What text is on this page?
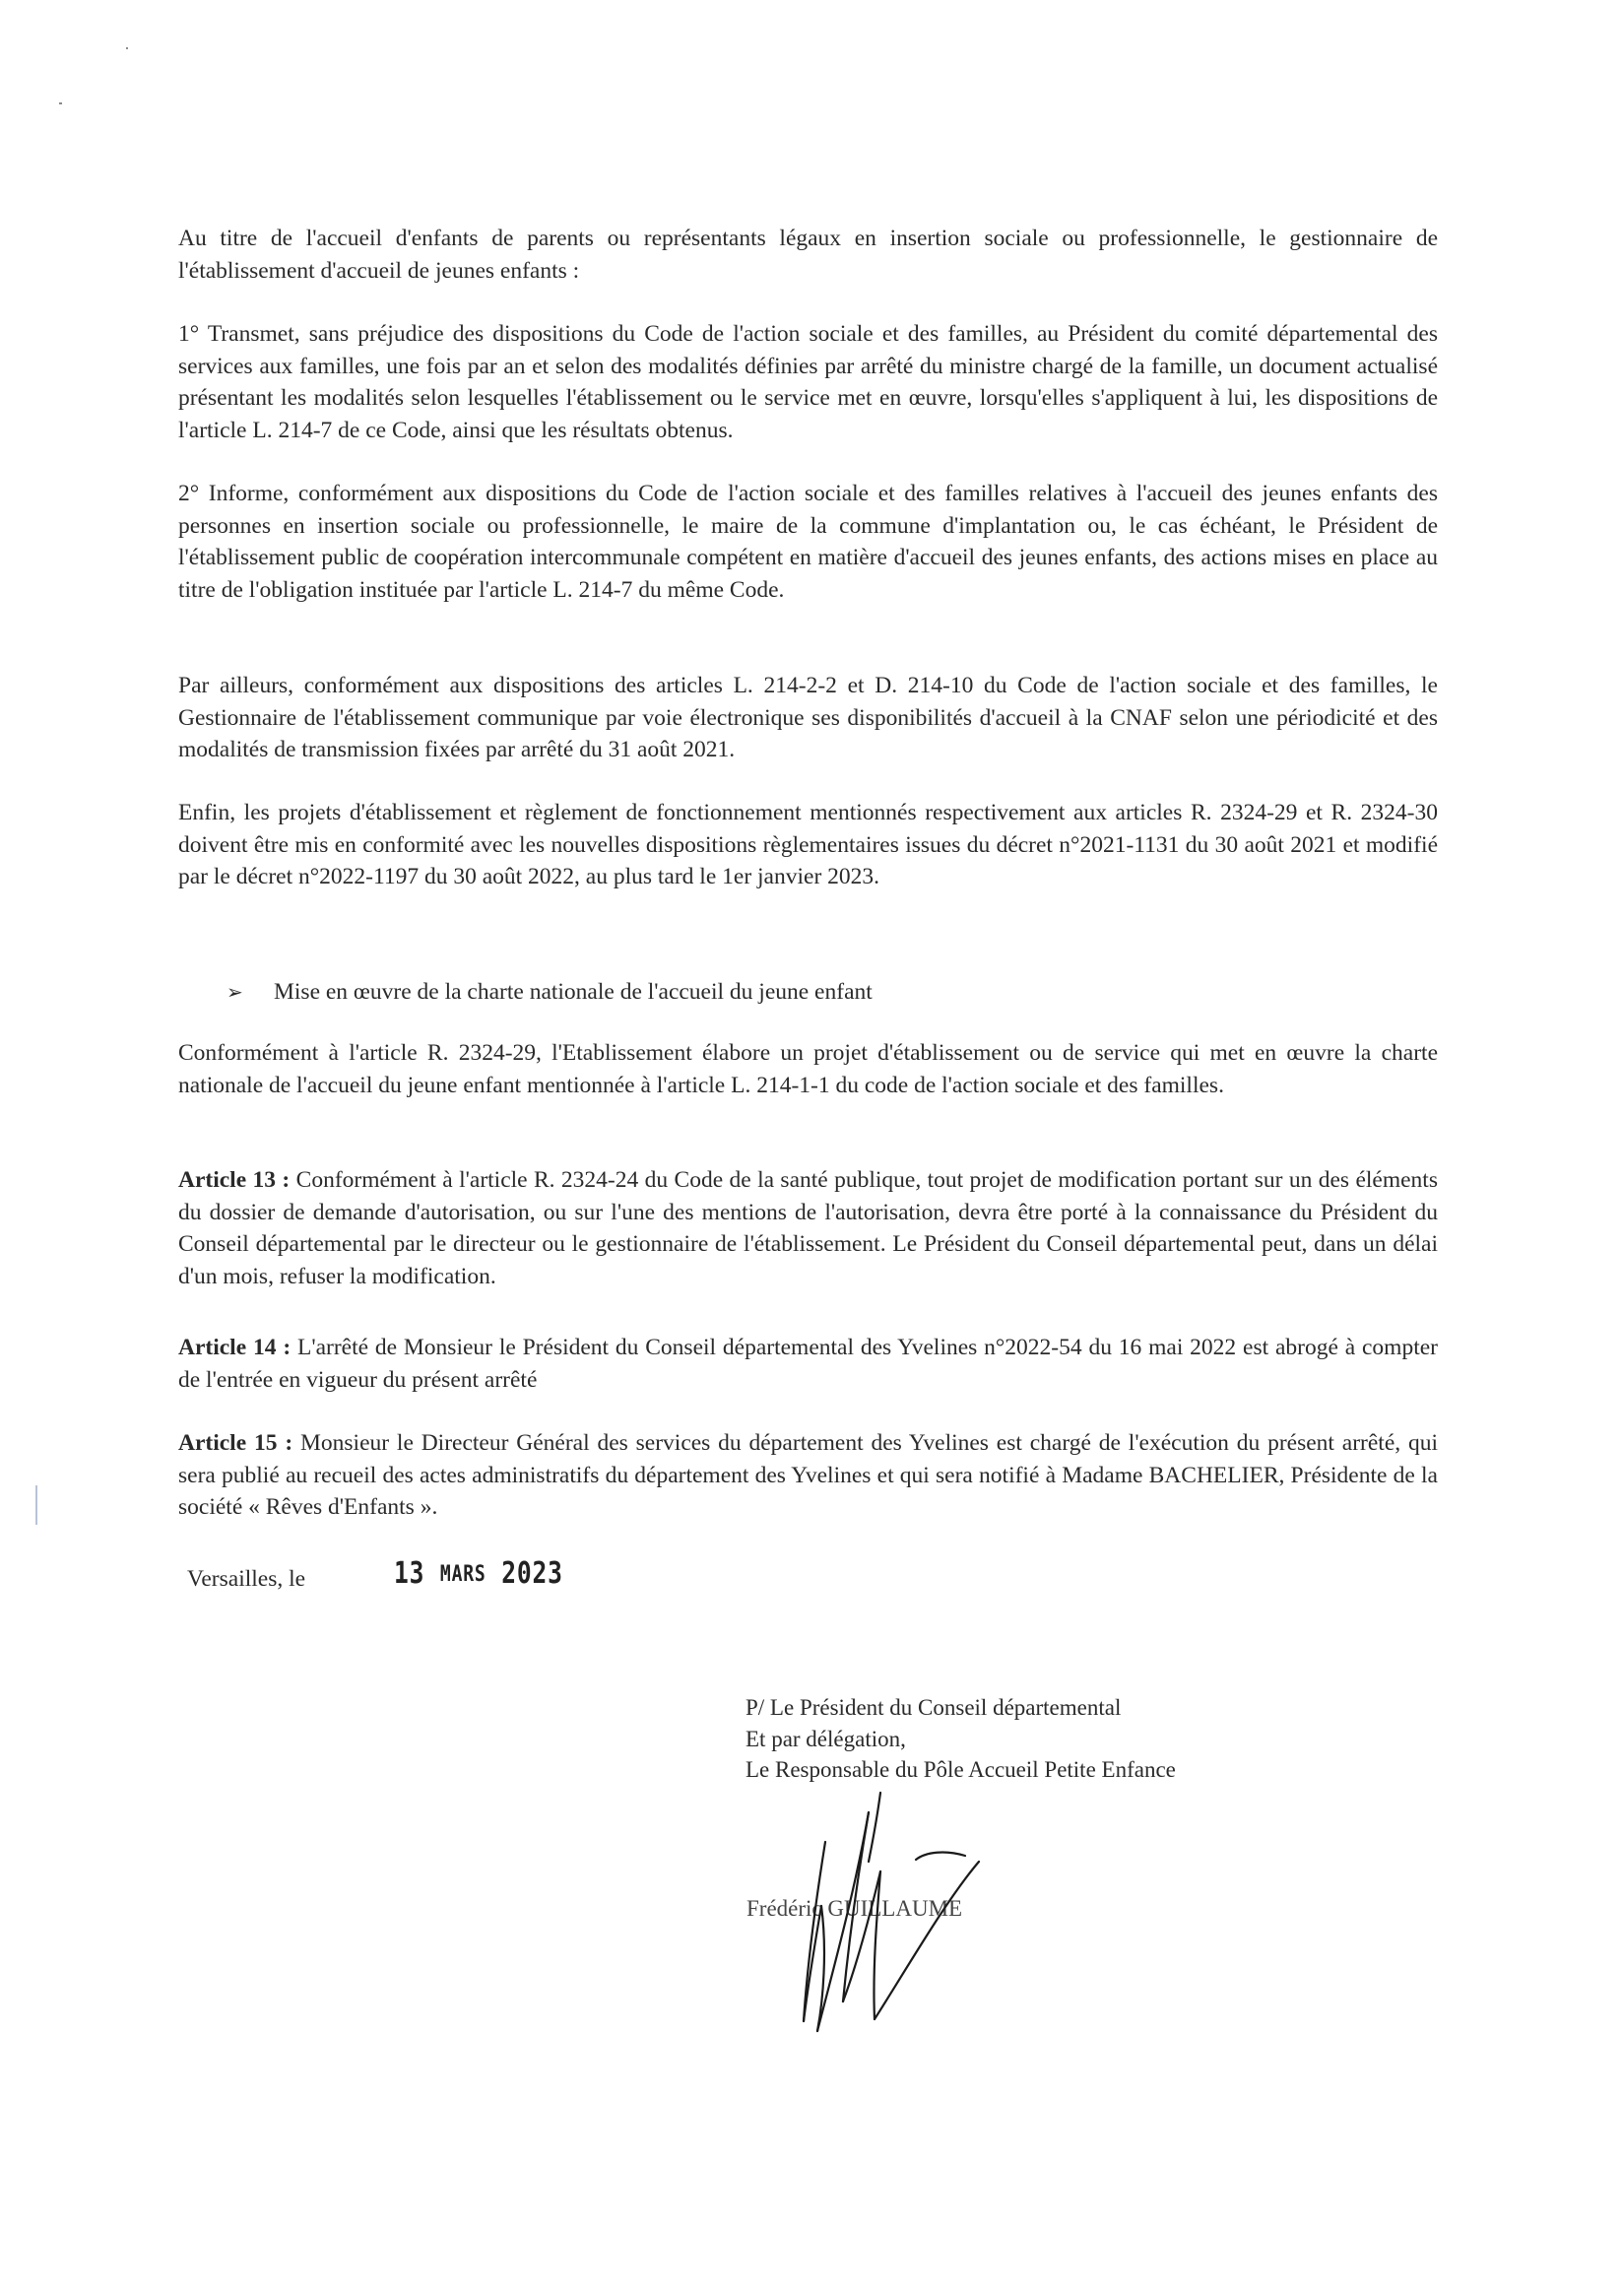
Au titre de l'accueil d'enfants de parents ou représentants légaux en insertion sociale ou professionnelle, le gestionnaire de l'établissement d'accueil de jeunes enfants :

1° Transmet, sans préjudice des dispositions du Code de l'action sociale et des familles, au Président du comité départemental des services aux familles, une fois par an et selon des modalités définies par arrêté du ministre chargé de la famille, un document actualisé présentant les modalités selon lesquelles l'établissement ou le service met en œuvre, lorsqu'elles s'appliquent à lui, les dispositions de l'article L. 214-7 de ce Code, ainsi que les résultats obtenus.

2° Informe, conformément aux dispositions du Code de l'action sociale et des familles relatives à l'accueil des jeunes enfants des personnes en insertion sociale ou professionnelle, le maire de la commune d'implantation ou, le cas échéant, le Président de l'établissement public de coopération intercommunale compétent en matière d'accueil des jeunes enfants, des actions mises en place au titre de l'obligation instituée par l'article L. 214-7 du même Code.

Par ailleurs, conformément aux dispositions des articles L. 214-2-2 et D. 214-10 du Code de l'action sociale et des familles, le Gestionnaire de l'établissement communique par voie électronique ses disponibilités d'accueil à la CNAF selon une périodicité et des modalités de transmission fixées par arrêté du 31 août 2021.

Enfin, les projets d'établissement et règlement de fonctionnement mentionnés respectivement aux articles R. 2324-29 et R. 2324-30 doivent être mis en conformité avec les nouvelles dispositions règlementaires issues du décret n°2021-1131 du 30 août 2021 et modifié par le décret n°2022-1197 du 30 août 2022, au plus tard le 1er janvier 2023.

➢ Mise en œuvre de la charte nationale de l'accueil du jeune enfant

Conformément à l'article R. 2324-29, l'Etablissement élabore un projet d'établissement ou de service qui met en œuvre la charte nationale de l'accueil du jeune enfant mentionnée à l'article L. 214-1-1 du code de l'action sociale et des familles.

Article 13 : Conformément à l'article R. 2324-24 du Code de la santé publique, tout projet de modification portant sur un des éléments du dossier de demande d'autorisation, ou sur l'une des mentions de l'autorisation, devra être porté à la connaissance du Président du Conseil départemental par le directeur ou le gestionnaire de l'établissement. Le Président du Conseil départemental peut, dans un délai d'un mois, refuser la modification.

Article 14 : L'arrêté de Monsieur le Président du Conseil départemental des Yvelines n°2022-54 du 16 mai 2022 est abrogé à compter de l'entrée en vigueur du présent arrêté

Article 15 : Monsieur le Directeur Général des services du département des Yvelines est chargé de l'exécution du présent arrêté, qui sera publié au recueil des actes administratifs du département des Yvelines et qui sera notifié à Madame BACHELIER, Présidente de la société « Rêves d'Enfants ».

Versailles, le	13 MARS 2023
P/ Le Président du Conseil départemental
Et par délégation,
Le Responsable du Pôle Accueil Petite Enfance
Frédéric GUILLAUME
